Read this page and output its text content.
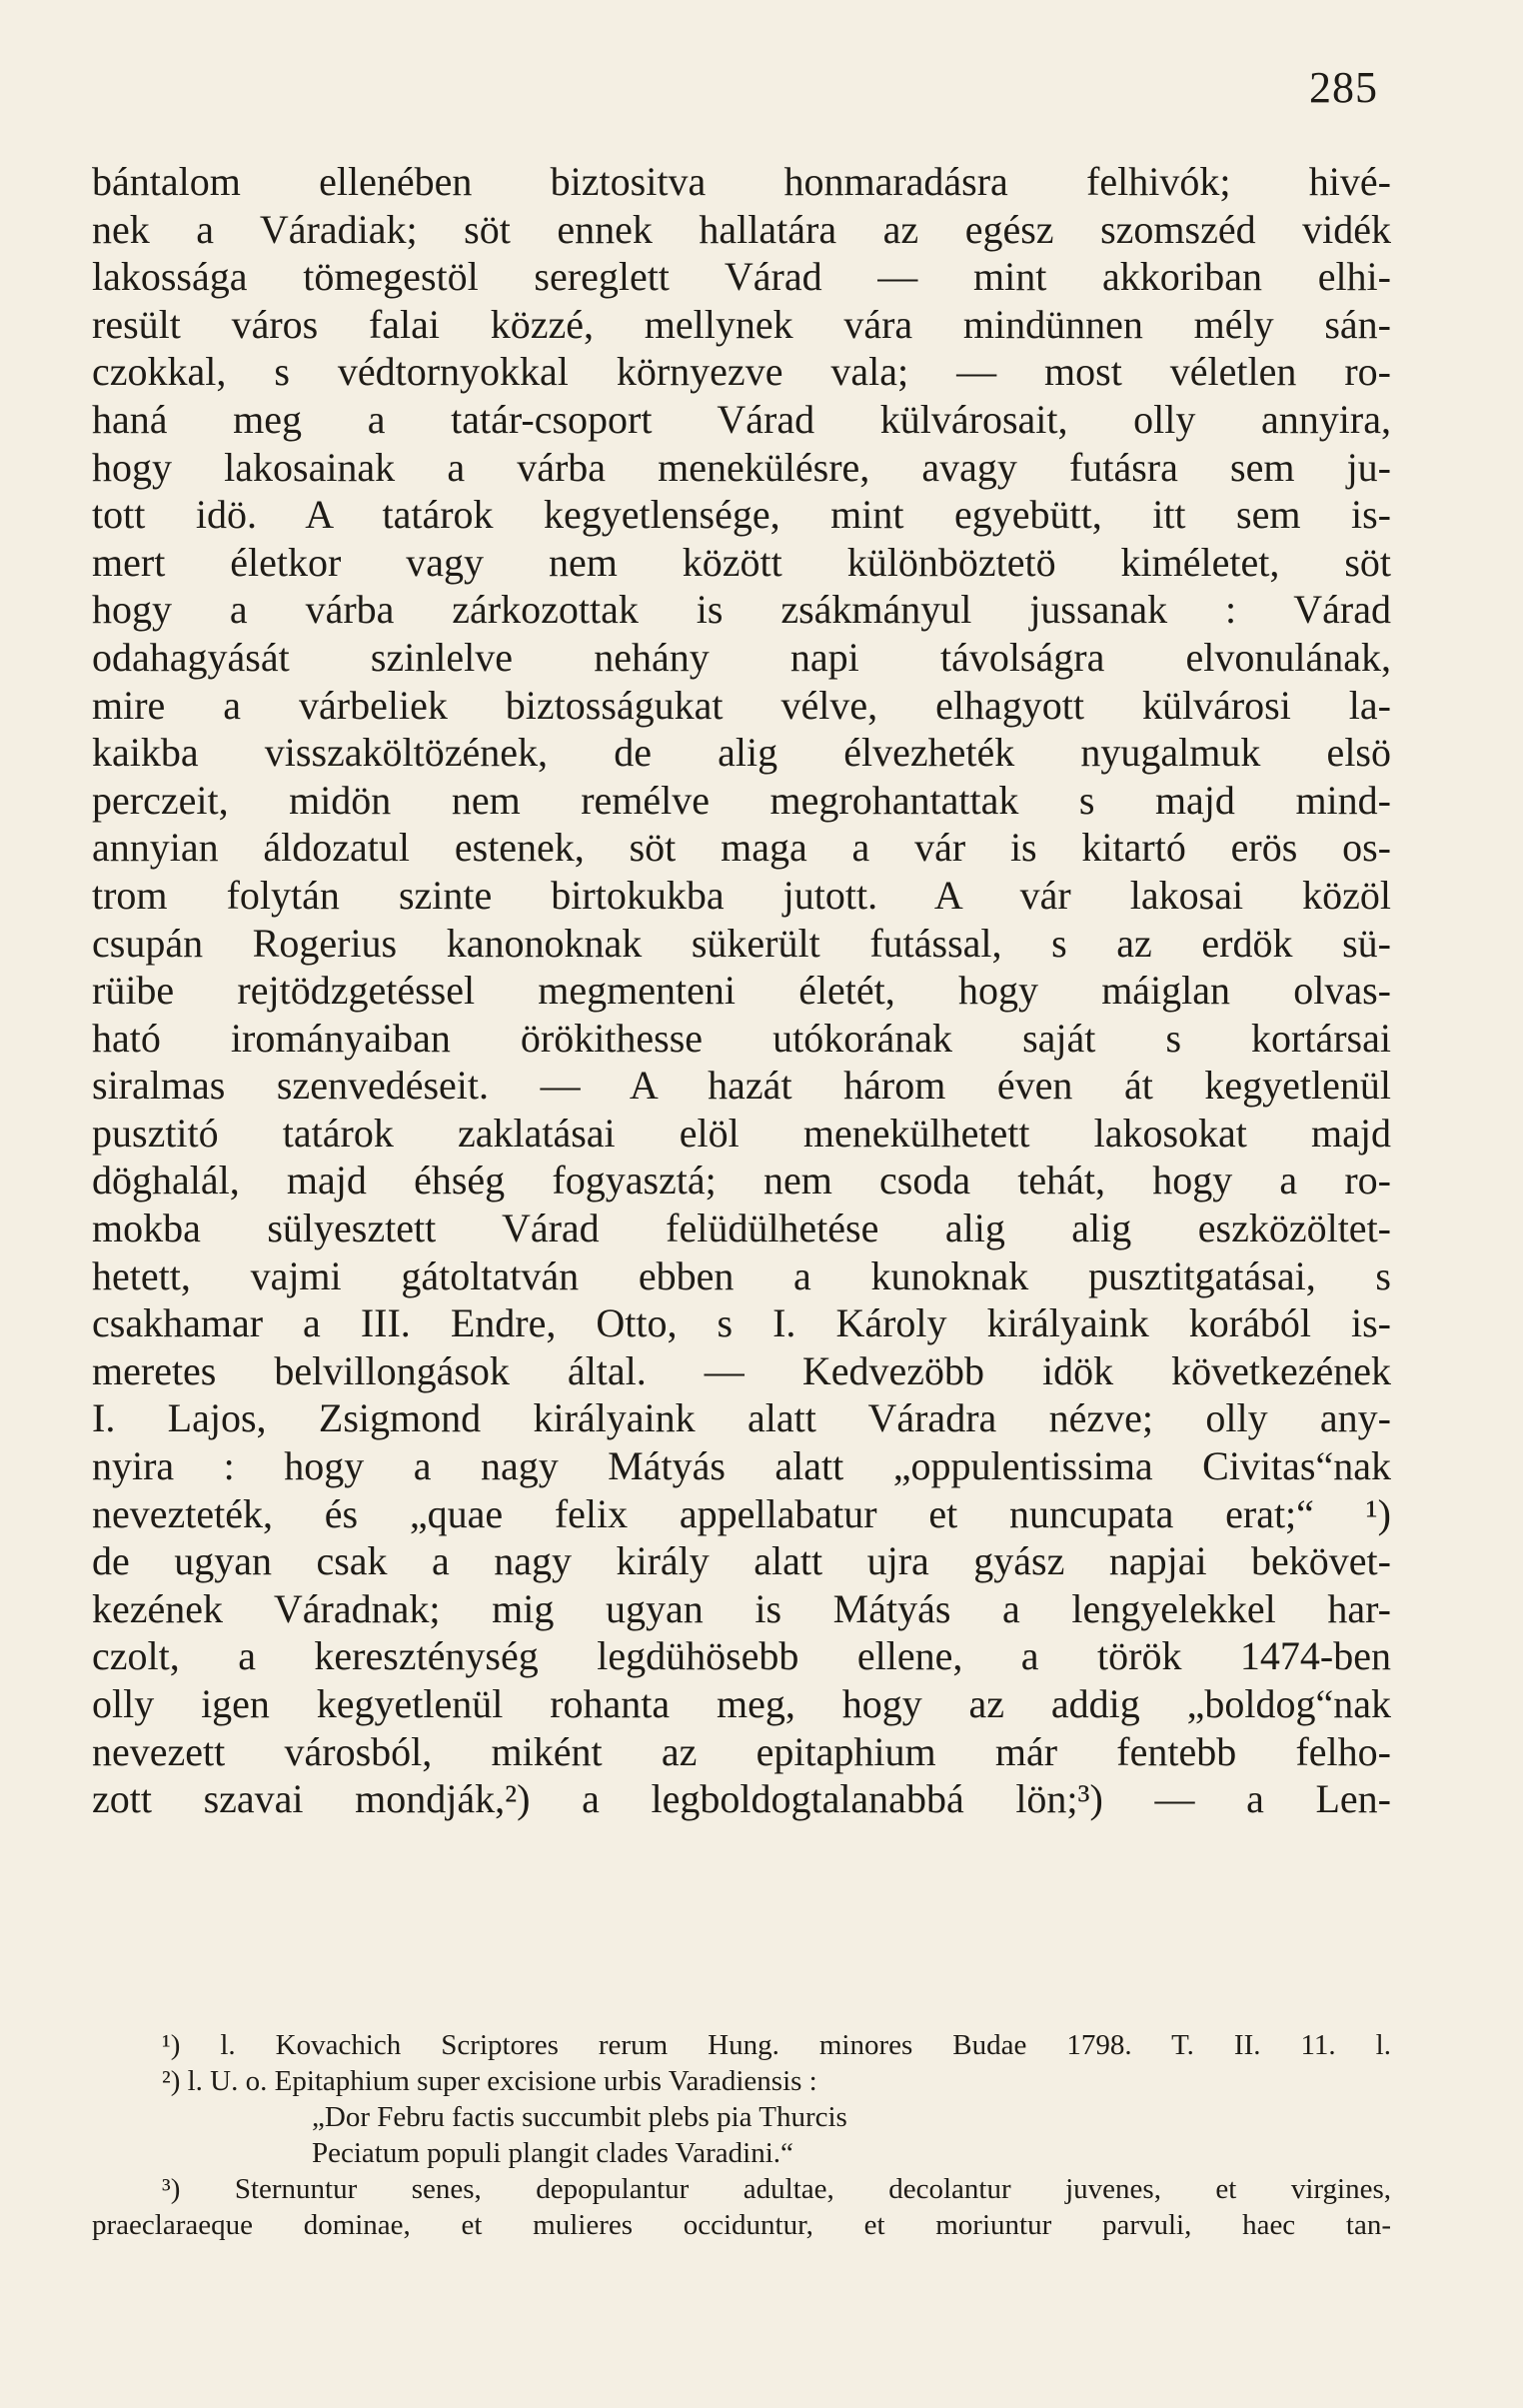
285
bántalom ellenében biztositva honmaradásra felhivók; hivé-
nek a Váradiak; söt ennek hallatára az egész szomszéd vidék
lakossága tömegestöl sereglett Várad — mint akkoriban elhi-
resült város falai közzé, mellynek vára mindünnen mély sán-
czokkal, s védtornyokkal környezve vala; — most véletlen ro-
haná meg a tatár-csoport Várad külvárosait, olly annyira,
hogy lakosainak a várba menekülésre, avagy futásra sem ju-
tott idö. A tatárok kegyetlensége, mint egyebütt, itt sem is-
mert életkor vagy nem között különböztetö kiméletet, söt
hogy a várba zárkozottak is zsákmányul jussanak : Várad
odahagyását szinlelve nehány napi távolságra elvonulának,
mire a várbeliek biztosságukat vélve, elhagyott külvárosi la-
kaikba visszaköltözének, de alig élvezheték nyugalmuk elsö
perczeit, midön nem remélve megrohantattak s majd mind-
annyian áldozatul estenek, söt maga a vár is kitartó erös os-
trom folytán szinte birtokukba jutott. A vár lakosai közöl
csupán Rogerius kanonoknak sükerült futással, s az erdök sü-
rüibe rejtödzgetéssel megmenteni életét, hogy máiglan olvas-
ható irományaiban örökithesse utókorának saját s kortársai
siralmas szenvedéseit. — A hazát három éven át kegyetlenül
pusztitó tatárok zaklatásai elöl menekülhetett lakosokat majd
döghalál, majd éhség fogyasztá; nem csoda tehát, hogy a ro-
mokba sülyesztett Várad felüdülhetése alig alig eszközöltet-
hetett, vajmi gátoltatván ebben a kunoknak pusztitgatásai, s
csakhamar a III. Endre, Otto, s I. Károly királyaink korából is-
meretes belvillongások által. — Kedvezöbb idök következének
I. Lajos, Zsigmond királyaink alatt Váradra nézve; olly any-
nyira : hogy a nagy Mátyás alatt „oppulentissima Civitas“nak
nevezteték, és „quae felix appellabatur et nuncupata erat;“ ¹)
de ugyan csak a nagy király alatt ujra gyász napjai bekövet-
kezének Váradnak; mig ugyan is Mátyás a lengyelekkel har-
czolt, a kereszténység legdühösebb ellene, a török 1474-ben
olly igen kegyetlenül rohanta meg, hogy az addig „boldog“nak
nevezett városból, miként az epitaphium már fentebb felho-
zott szavai mondják,²) a legboldogtalanabbá lön;³) — a Len-
¹) l. Kovachich Scriptores rerum Hung. minores Budae 1798. T. II. 11. l.
²) l. U. o. Epitaphium super excisione urbis Varadiensis :
„Dor Febru factis succumbit plebs pia Thurcis
Peciatum populi plangit clades Varadini.“
³) Sternuntur senes, depopulantur adultae, decolantur juvenes, et virgines,
praeclaraeque dominae, et mulieres occiduntur, et moriuntur parvuli, haec tan-
